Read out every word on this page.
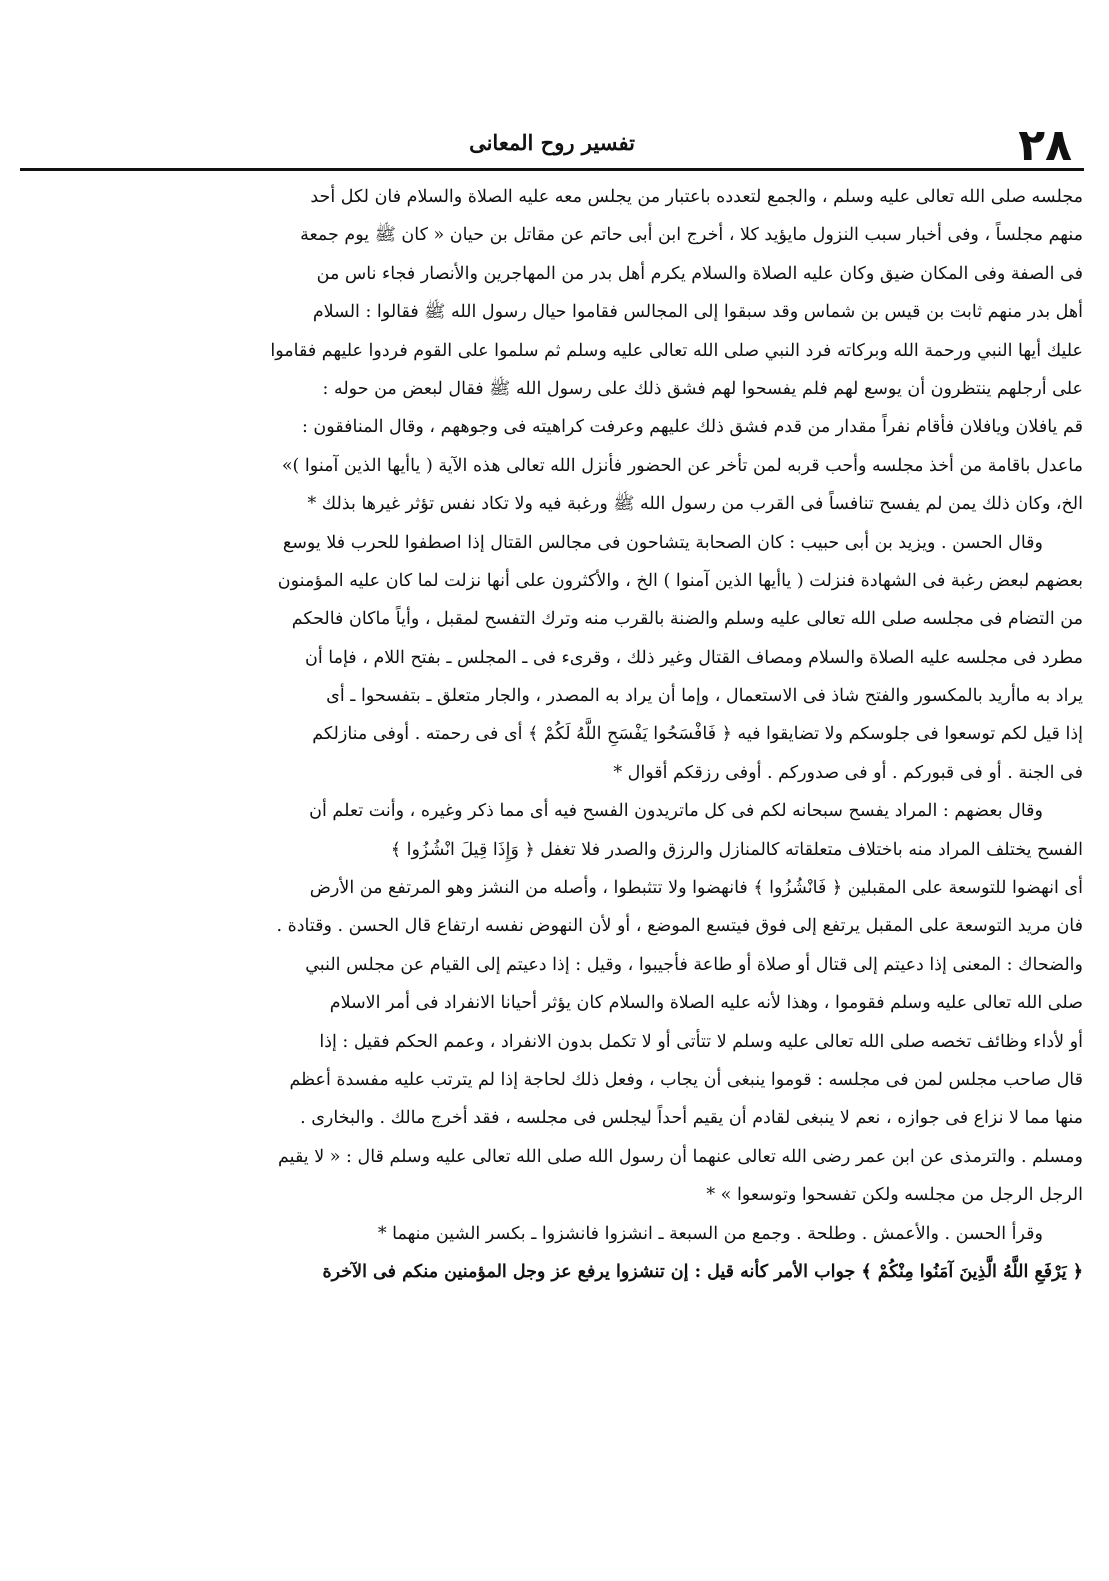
٢٨
تفسير روح المعانى
مجلسه صلى الله تعالى عليه وسلم ، والجمع لتعدده باعتبار من يجلس معه عليه الصلاة والسلام فان لكل أحد
منهم مجلساً ، وفى أخبار سبب النزول مايؤيد كلا ، أخرج ابن أبى حاتم عن مقاتل بن حيان « كان ﷺ يوم جمعة
فى الصفة وفى المكان ضيق وكان عليه الصلاة والسلام يكرم أهل بدر من المهاجرين والأنصار فجاء ناس من
أهل بدر منهم ثابت بن قيس بن شماس وقد سبقوا إلى المجالس فقاموا حيال رسول الله ﷺ فقالوا : السلام
عليك أيها النبي ورحمة الله وبركاته فرد النبي صلى الله تعالى عليه وسلم ثم سلموا على القوم فردوا عليهم فقاموا
على أرجلهم ينتظرون أن يوسع لهم فلم يفسحوا لهم فشق ذلك على رسول الله ﷺ فقال لبعض من حوله :
قم يافلان ويافلان فأقام نفراً مقدار من قدم فشق ذلك عليهم وعرفت كراهيته فى وجوههم ، وقال المنافقون :
ماعدل باقامة من أخذ مجلسه وأحب قربه لمن تأخر عن الحضور فأنزل الله تعالى هذه الآية ( ياأيها الذين آمنوا )»
الخ، وكان ذلك يمن لم يفسح تنافساً فى القرب من رسول الله ﷺ ورغبة فيه ولا تكاد نفس تؤثر غيرها بذلك *
وقال الحسن . ويزيد بن أبى حبيب : كان الصحابة يتشاحون فى مجالس القتال إذا اصطفوا للحرب فلا يوسع
بعضهم لبعض رغبة فى الشهادة فنزلت ( ياأيها الذين آمنوا ) الخ ، والأكثرون على أنها نزلت لما كان عليه المؤمنون
من التضام فى مجلسه صلى الله تعالى عليه وسلم والضنة بالقرب منه وترك التفسح لمقبل ، وأياً ماكان فالحكم
مطرد فى مجلسه عليه الصلاة والسلام ومصاف القتال وغير ذلك ، وقرىء فى ـ المجلس ـ بفتح اللام ، فإما أن
يراد به ماأريد بالمكسور والفتح شاذ فى الاستعمال ، وإما أن يراد به المصدر ، والجار متعلق ـ بتفسحوا ـ أى
إذا قيل لكم توسعوا فى جلوسكم ولا تضايقوا فيه ﴿ فَافْسَحُوا يَفْسَحِ اللَّهُ لَكُمْ ﴾ أى فى رحمته . أوفى منازلكم
فى الجنة . أو فى قبوركم . أو فى صدوركم . أوفى رزقكم أقوال *
وقال بعضهم : المراد يفسح سبحانه لكم فى كل ماتريدون الفسح فيه أى مما ذكر وغيره ، وأنت تعلم أن
الفسح يختلف المراد منه باختلاف متعلقاته كالمنازل والرزق والصدر فلا تغفل ﴿ وَإِذَا قِيلَ انْشُزُوا ﴾
أى انهضوا للتوسعة على المقبلين ﴿ فَانْشُزُوا ﴾ فانهضوا ولا تتثبطوا ، وأصله من النشز وهو المرتفع من الأرض
فان مريد التوسعة على المقبل يرتفع إلى فوق فيتسع الموضع ، أو لأن النهوض نفسه ارتفاع قال الحسن . وقتادة .
والضحاك : المعنى إذا دعيتم إلى قتال أو صلاة أو طاعة فأجيبوا ، وقيل : إذا دعيتم إلى القيام عن مجلس النبي
صلى الله تعالى عليه وسلم فقوموا ، وهذا لأنه عليه الصلاة والسلام كان يؤثر أحيانا الانفراد فى أمر الاسلام
أو لأداء وظائف تخصه صلى الله تعالى عليه وسلم لا تتأتى أو لا تكمل بدون الانفراد ، وعمم الحكم فقيل : إذا
قال صاحب مجلس لمن فى مجلسه : قوموا ينبغى أن يجاب ، وفعل ذلك لحاجة إذا لم يترتب عليه مفسدة أعظم
منها مما لا نزاع فى جوازه ، نعم لا ينبغى لقادم أن يقيم أحداً ليجلس فى مجلسه ، فقد أخرج مالك . والبخارى .
ومسلم . والترمذى عن ابن عمر رضى الله تعالى عنهما أن رسول الله صلى الله تعالى عليه وسلم قال : « لا يقيم
الرجل الرجل من مجلسه ولكن تفسحوا وتوسعوا » *
وقرأ الحسن . والأعمش . وطلحة . وجمع من السبعة ـ انشزوا فانشزوا ـ بكسر الشين منهما *
﴿ يَرْفَعِ اللَّهُ الَّذِينَ آمَنُوا مِنْكُمْ ﴾ جواب الأمر كأنه قيل : إن تنشزوا يرفع عز وجل المؤمنين منكم فى الآخرة
